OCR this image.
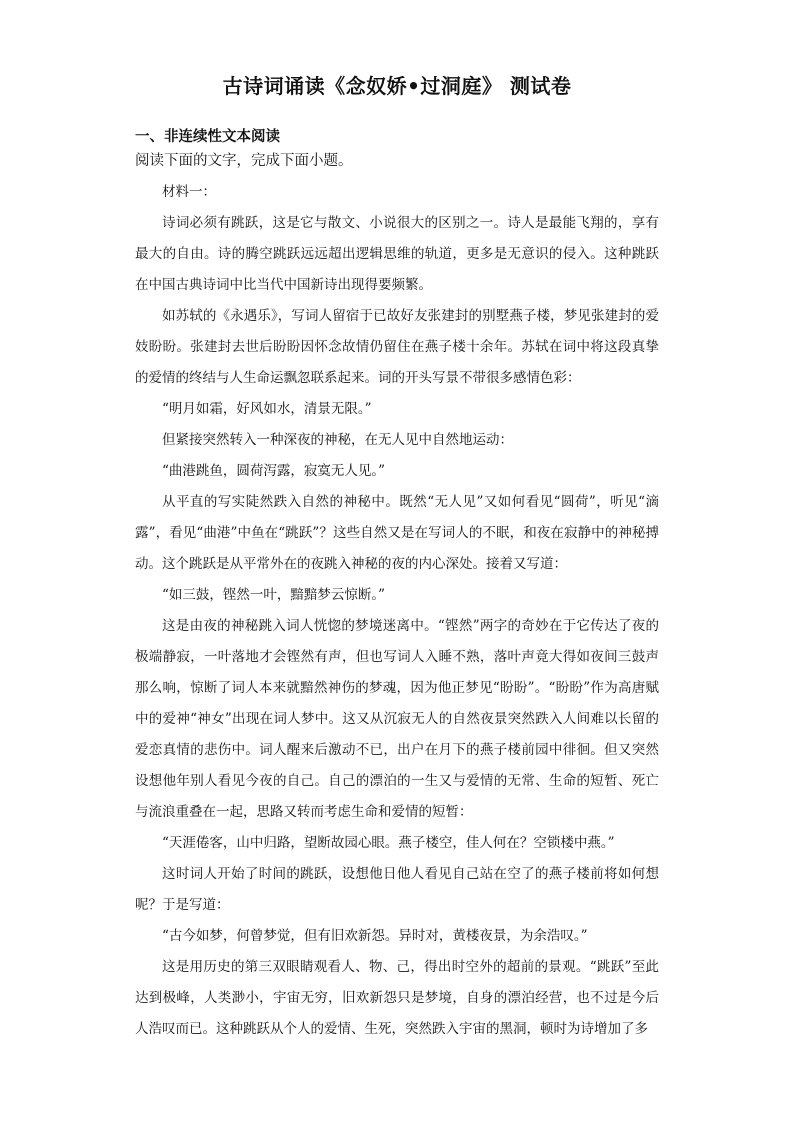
古诗词诵读《念奴娇•过洞庭》 测试卷
一、非连续性文本阅读
阅读下面的文字，完成下面小题。

材料一：

诗词必须有跳跃，这是它与散文、小说很大的区别之一。诗人是最能飞翔的，享有最大的自由。诗的腾空跳跃远远超出逻辑思维的轨道，更多是无意识的侵入。这种跳跃在中国古典诗词中比当代中国新诗出现得要频繁。

如苏轼的《永遇乐》，写词人留宿于已故好友张建封的别墅燕子楼，梦见张建封的爱妓盼盼。张建封去世后盼盼因怀念故情仍留住在燕子楼十余年。苏轼在词中将这段真挚的爱情的终结与人生命运飘忽联系起来。词的开头写景不带很多感情色彩：

“明月如霜，好风如水，清景无限。”

但紧接突然转入一种深夜的神秘，在无人见中自然地运动：

“曲港跳鱼，圆荷泻露，寂寞无人见。”

从平直的写实陡然跌入自然的神秘中。既然“无人见”又如何看见“圆荷”，听见“滴露”，看见“曲港”中鱼在“跳跃”？这些自然又是在写词人的不眠，和夜在寂静中的神秘搏动。这个跳跃是从平常外在的夜跳入神秘的夜的内心深处。接着又写道：

“如三鼓，铿然一叶，黯黯梦云惊断。”

这是由夜的神秘跳入词人恍惚的梦境迷离中。“铿然”两字的奇妙在于它传达了夜的极端静寂，一叶落地才会铿然有声，但也写词人入睡不熟，落叶声竟大得如夜间三鼓声那么响，惊断了词人本来就黯然神伤的梦魂，因为他正梦见“盼盼”。“盼盼”作为高唐赋中的爱神“神女”出现在词人梦中。这又从沉寂无人的自然夜景突然跌入人间难以长留的爱恋真情的悲伤中。词人醒来后激动不已，出户在月下的燕子楼前园中徘徊。但又突然设想他年别人看见今夜的自己。自己的漂泊的一生又与爱情的无常、生命的短暂、死亡与流浪重叠在一起，思路又转而考虑生命和爱情的短暂：

“天涯倦客，山中归路，望断故园心眼。燕子楼空，佳人何在？空锁楼中燕。”

这时词人开始了时间的跳跃，设想他日他人看见自己站在空了的燕子楼前将如何想呢？于是写道：

“古今如梦，何曾梦觉，但有旧欢新怨。异时对，黄楼夜景，为余浩叹。”

这是用历史的第三双眼睛观看人、物、己，得出时空外的超前的景观。“跳跃”至此达到极峰，人类渺小，宇宙无穷，旧欢新怨只是梦境，自身的漂泊经营，也不过是今后人浩叹而已。这种跳跃从个人的爱情、生死，突然跌入宇宙的黑洞，顿时为诗增加了多
